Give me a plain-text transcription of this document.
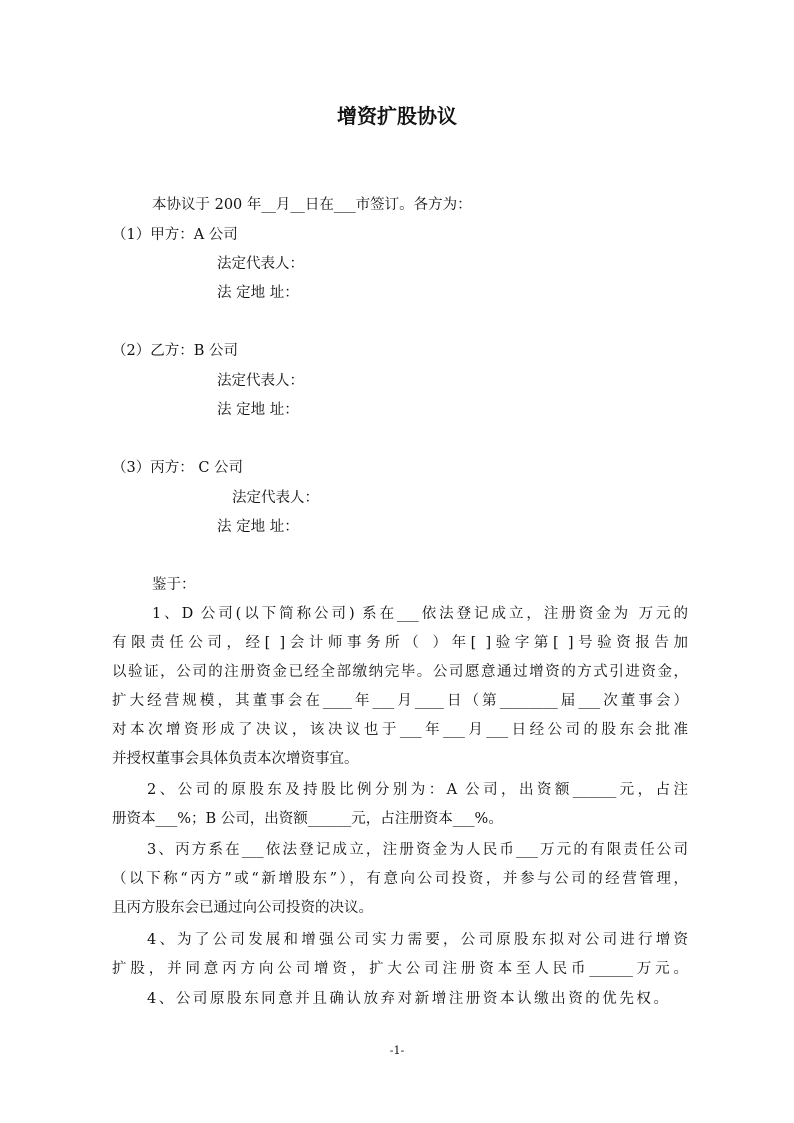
增资扩股协议
本协议于 200 年__月__日在___市签订。各方为：
（1）甲方：A 公司
法定代表人：
法 定地 址：
（2）乙方：B 公司
法定代表人：
法 定地 址：
（3）丙方： C 公司
法定代表人：
法 定地 址：
鉴于：
1、D 公司(以下简称公司) 系在___依法登记成立，注册资金为 万元的
有限责任公司，经[ ]会计师事务所（ ）年[ ]验字第[ ]号验资报告加
以验证，公司的注册资金已经全部缴纳完毕。公司愿意通过增资的方式引进资金，
扩大经营规模，其董事会在____年___月____日（第________届___次董事会）
对本次增资形成了决议，该决议也于___年___月___日经公司的股东会批准
并授权董事会具体负责本次增资事宜。
2、公司的原股东及持股比例分别为：A 公司，出资额______元，占注
册资本___%；B 公司，出资额______元，占注册资本___%。
3、丙方系在___依法登记成立，注册资金为人民币___万元的有限责任公司
（以下称“丙方”或“新增股东”），有意向公司投资，并参与公司的经营管理，
且丙方股东会已通过向公司投资的决议。
4、为了公司发展和增强公司实力需要，公司原股东拟对公司进行增资
扩股，并同意丙方向公司增资，扩大公司注册资本至人民币______万元。
4、公司原股东同意并且确认放弃对新增注册资本认缴出资的优先权。
-1-
